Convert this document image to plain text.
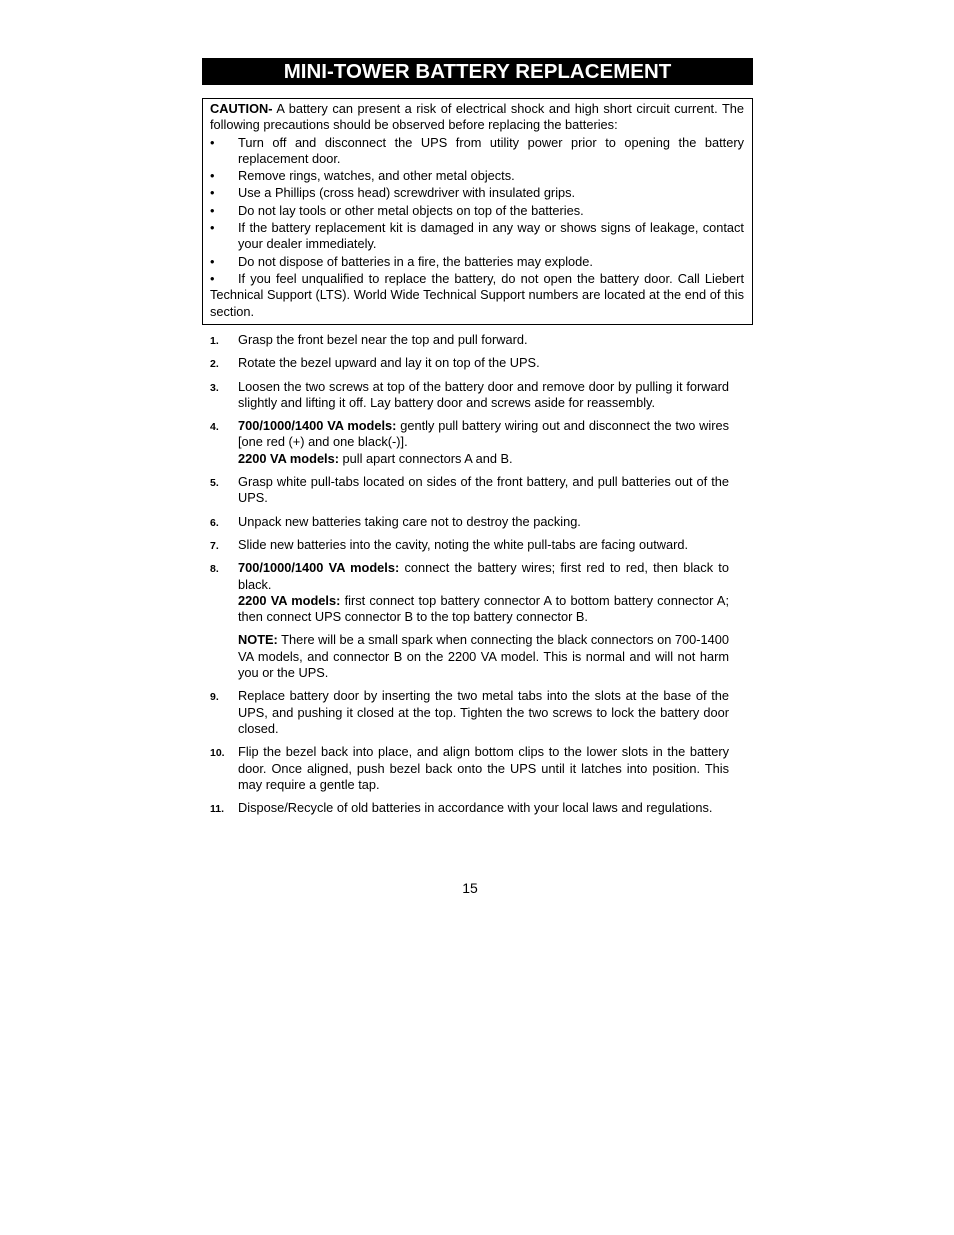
MINI-TOWER BATTERY REPLACEMENT

CAUTION- A battery can present a risk of electrical shock and high short circuit current. The following precautions should be observed before replacing the batteries:

• Turn off and disconnect the UPS from utility power prior to opening the battery replacement door.
• Remove rings, watches, and other metal objects.
• Use a Phillips (cross head) screwdriver with insulated grips.
• Do not lay tools or other metal objects on top of the batteries.
• If the battery replacement kit is damaged in any way or shows signs of leakage, contact your dealer immediately.
• Do not dispose of batteries in a fire, the batteries may explode.
• If you feel unqualified to replace the battery, do not open the battery door. Call Liebert Technical Support (LTS). World Wide Technical Support numbers are located at the end of this section.
1. Grasp the front bezel near the top and pull forward.
2. Rotate the bezel upward and lay it on top of the UPS.
3. Loosen the two screws at top of the battery door and remove door by pulling it forward slightly and lifting it off. Lay battery door and screws aside for reassembly.
4. 700/1000/1400 VA models: gently pull battery wiring out and disconnect the two wires [one red (+) and one black(-)].

2200 VA models: pull apart connectors A and B.

5. Grasp white pull-tabs located on sides of the front battery, and pull batteries out of the UPS.
6. Unpack new batteries taking care not to destroy the packing.
7. Slide new batteries into the cavity, noting the white pull-tabs are facing outward.
8. 700/1000/1400 VA models: connect the battery wires; first red to red, then black to black.

2200 VA models: first connect top battery connector A to bottom battery connector A; then connect UPS connector B to the top battery connector B.

NOTE: There will be a small spark when connecting the black connectors on 700-1400 VA models, and connector B on the 2200 VA model. This is normal and will not harm you or the UPS.

9. Replace battery door by inserting the two metal tabs into the slots at the base of the UPS, and pushing it closed at the top. Tighten the two screws to lock the battery door closed.
10. Flip the bezel back into place, and align bottom clips to the lower slots in the battery door. Once aligned, push bezel back onto the UPS until it latches into position. This may require a gentle tap.
11. Dispose/Recycle of old batteries in accordance with your local laws and regulations.
15
